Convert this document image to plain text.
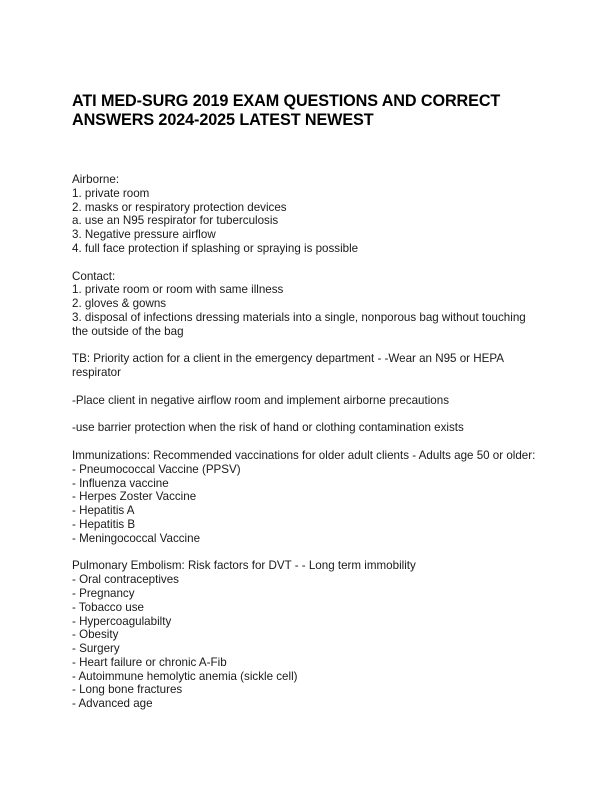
ATI MED-SURG 2019 EXAM QUESTIONS AND CORRECT ANSWERS 2024-2025 LATEST NEWEST
Airborne:
1. private room
2. masks or respiratory protection devices
a. use an N95 respirator for tuberculosis
3. Negative pressure airflow
4. full face protection if splashing or spraying is possible
Contact:
1. private room or room with same illness
2. gloves & gowns
3. disposal of infections dressing materials into a single, nonporous bag without touching the outside of the bag
TB: Priority action for a client in the emergency department - -Wear an N95 or HEPA respirator
-Place client in negative airflow room and implement airborne precautions
-use barrier protection when the risk of hand or clothing contamination exists
Immunizations: Recommended vaccinations for older adult clients - Adults age 50 or older:
- Pneumococcal Vaccine (PPSV)
- Influenza vaccine
- Herpes Zoster Vaccine
- Hepatitis A
- Hepatitis B
- Meningococcal Vaccine
Pulmonary Embolism: Risk factors for DVT - - Long term immobility
- Oral contraceptives
- Pregnancy
- Tobacco use
- Hypercoagulabilty
- Obesity
- Surgery
- Heart failure or chronic A-Fib
- Autoimmune hemolytic anemia (sickle cell)
- Long bone fractures
- Advanced age
